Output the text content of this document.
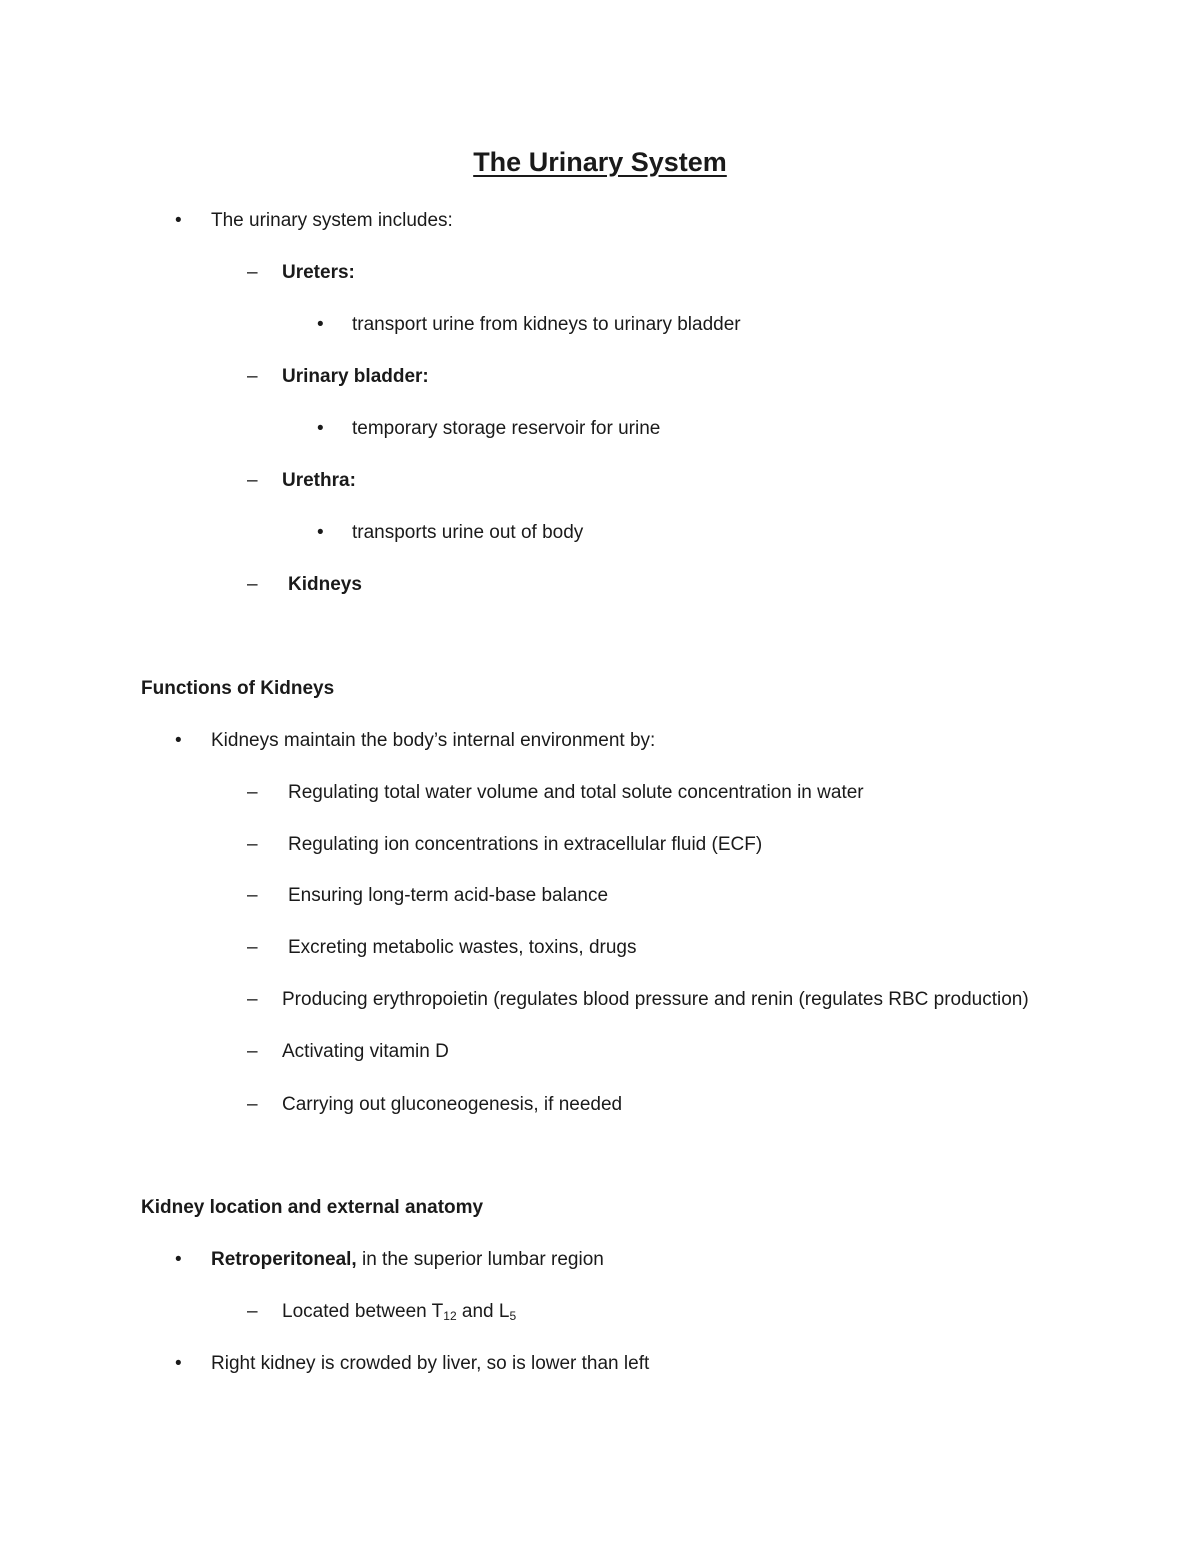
The Urinary System
• The urinary system includes:
– Ureters:
• transport urine from kidneys to urinary bladder
– Urinary bladder:
• temporary storage reservoir for urine
– Urethra:
• transports urine out of body
– Kidneys
Functions of Kidneys
• Kidneys maintain the body’s internal environment by:
– Regulating total water volume and total solute concentration in water
– Regulating ion concentrations in extracellular fluid (ECF)
– Ensuring long-term acid-base balance
– Excreting metabolic wastes, toxins, drugs
– Producing erythropoietin (regulates blood pressure and renin (regulates RBC production)
– Activating vitamin D
– Carrying out gluconeogenesis, if needed
Kidney location and external anatomy
• Retroperitoneal, in the superior lumbar region
– Located between $T_{12}$ and $L_5$
• Right kidney is crowded by liver, so is lower than left
